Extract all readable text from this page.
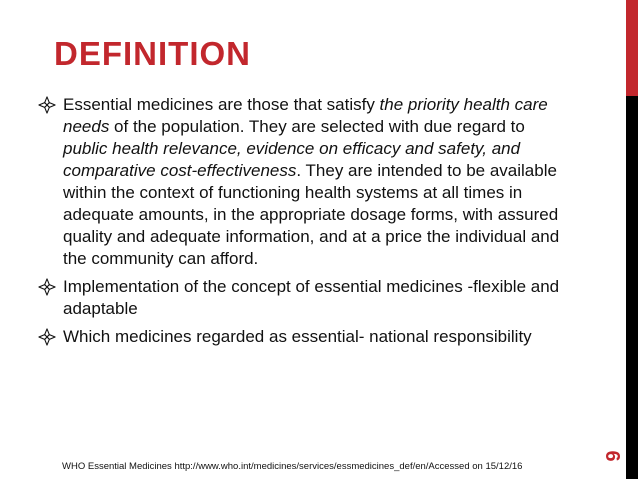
6
DEFINITION
Essential medicines are those that satisfy the priority health care needs of the population. They are selected with due regard to public health relevance, evidence on efficacy and safety, and comparative cost-effectiveness. They are intended to be available within the context of functioning health systems at all times in adequate amounts, in the appropriate dosage forms, with assured quality and adequate information, and at a price the individual and the community can afford.
Implementation of the concept of essential medicines -flexible and adaptable
Which medicines regarded as essential- national responsibility
WHO Essential Medicines http://www.who.int/medicines/services/essmedicines_def/en/Accessed on 15/12/16
